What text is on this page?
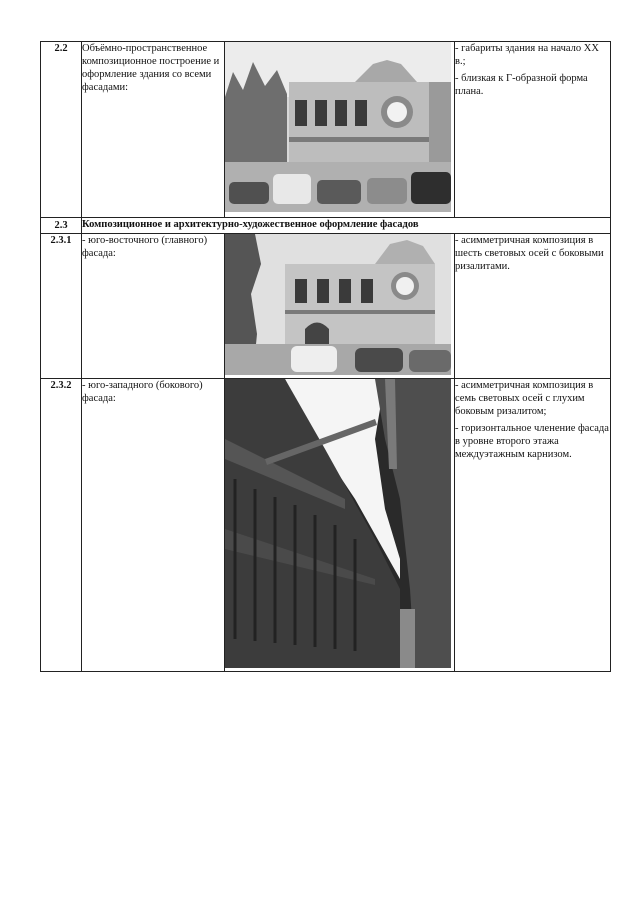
2.2	Объёмно-пространственное композиционное построение и оформление здания со всеми фасадами:		- габариты здания на начало XX в.;

- близкая к Г-образной форма плана.

2.3	Композиционное и архитектурно-художественное оформление фасадов		
2.3.1	- юго-восточного (главного) фасада:		- асимметричная композиция в шесть световых осей с боковыми ризалитами.

2.3.2	- юго-западного (бокового) фасада:		- асимметричная композиция в семь световых осей с глухим боковым ризалитом;

- горизонтальное членение фасада в уровне второго этажа междуэтажным карнизом.
